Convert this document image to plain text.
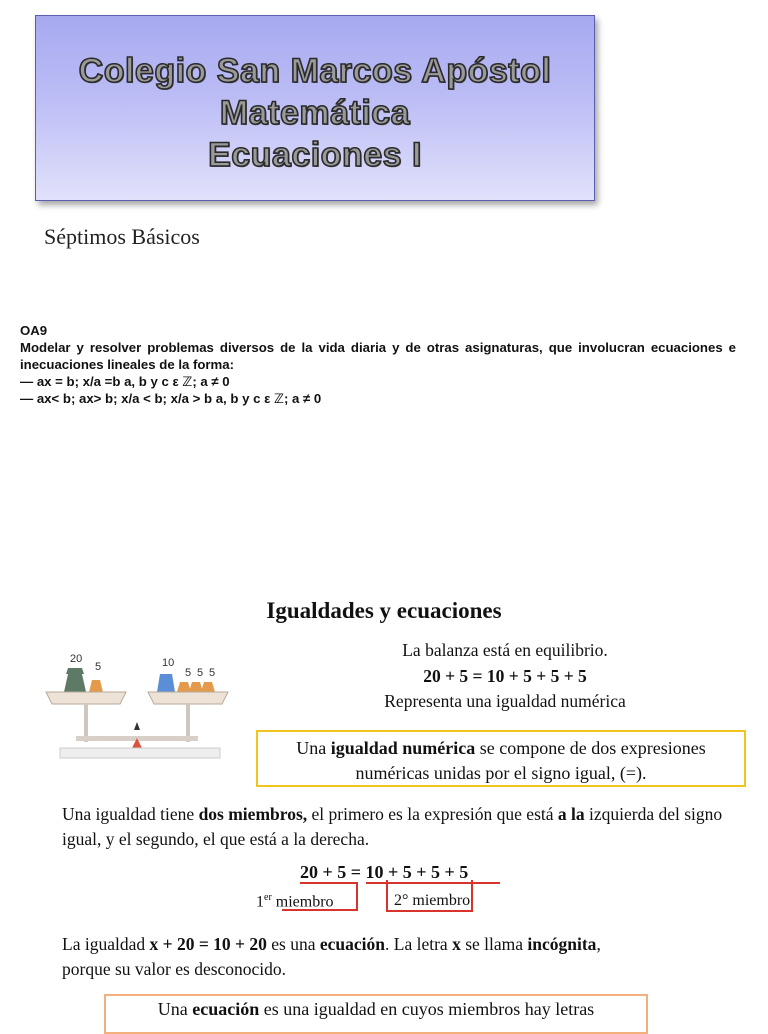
Colegio San Marcos Apóstol
Matemática
Ecuaciones I
Séptimos Básicos
OA9
Modelar y resolver problemas diversos de la vida diaria y de otras asignaturas, que involucran ecuaciones e inecuaciones lineales de la forma:
— ax = b; x/a =b a, b y c ε ℤ; a ≠ 0
— ax< b; ax> b; x/a < b; x/a > b a, b y c ε ℤ; a ≠ 0
Igualdades y ecuaciones
20
5	10
5 5 5
La balanza está en equilibrio.
20 + 5 = 10 + 5 + 5 + 5
Representa una igualdad numérica
Una igualdad numérica se compone de dos expresiones numéricas unidas por el signo igual, (=).
Una igualdad tiene dos miembros, el primero es la expresión que está a la izquierda del signo igual, y el segundo, el que está a la derecha.
20 + 5 = 10 + 5 + 5 + 5
1er miembro	2° miembro
La igualdad x + 20 = 10 + 20 es una ecuación. La letra x se llama incógnita,
porque su valor es desconocido.
Una ecuación es una igualdad en cuyos miembros hay letras
